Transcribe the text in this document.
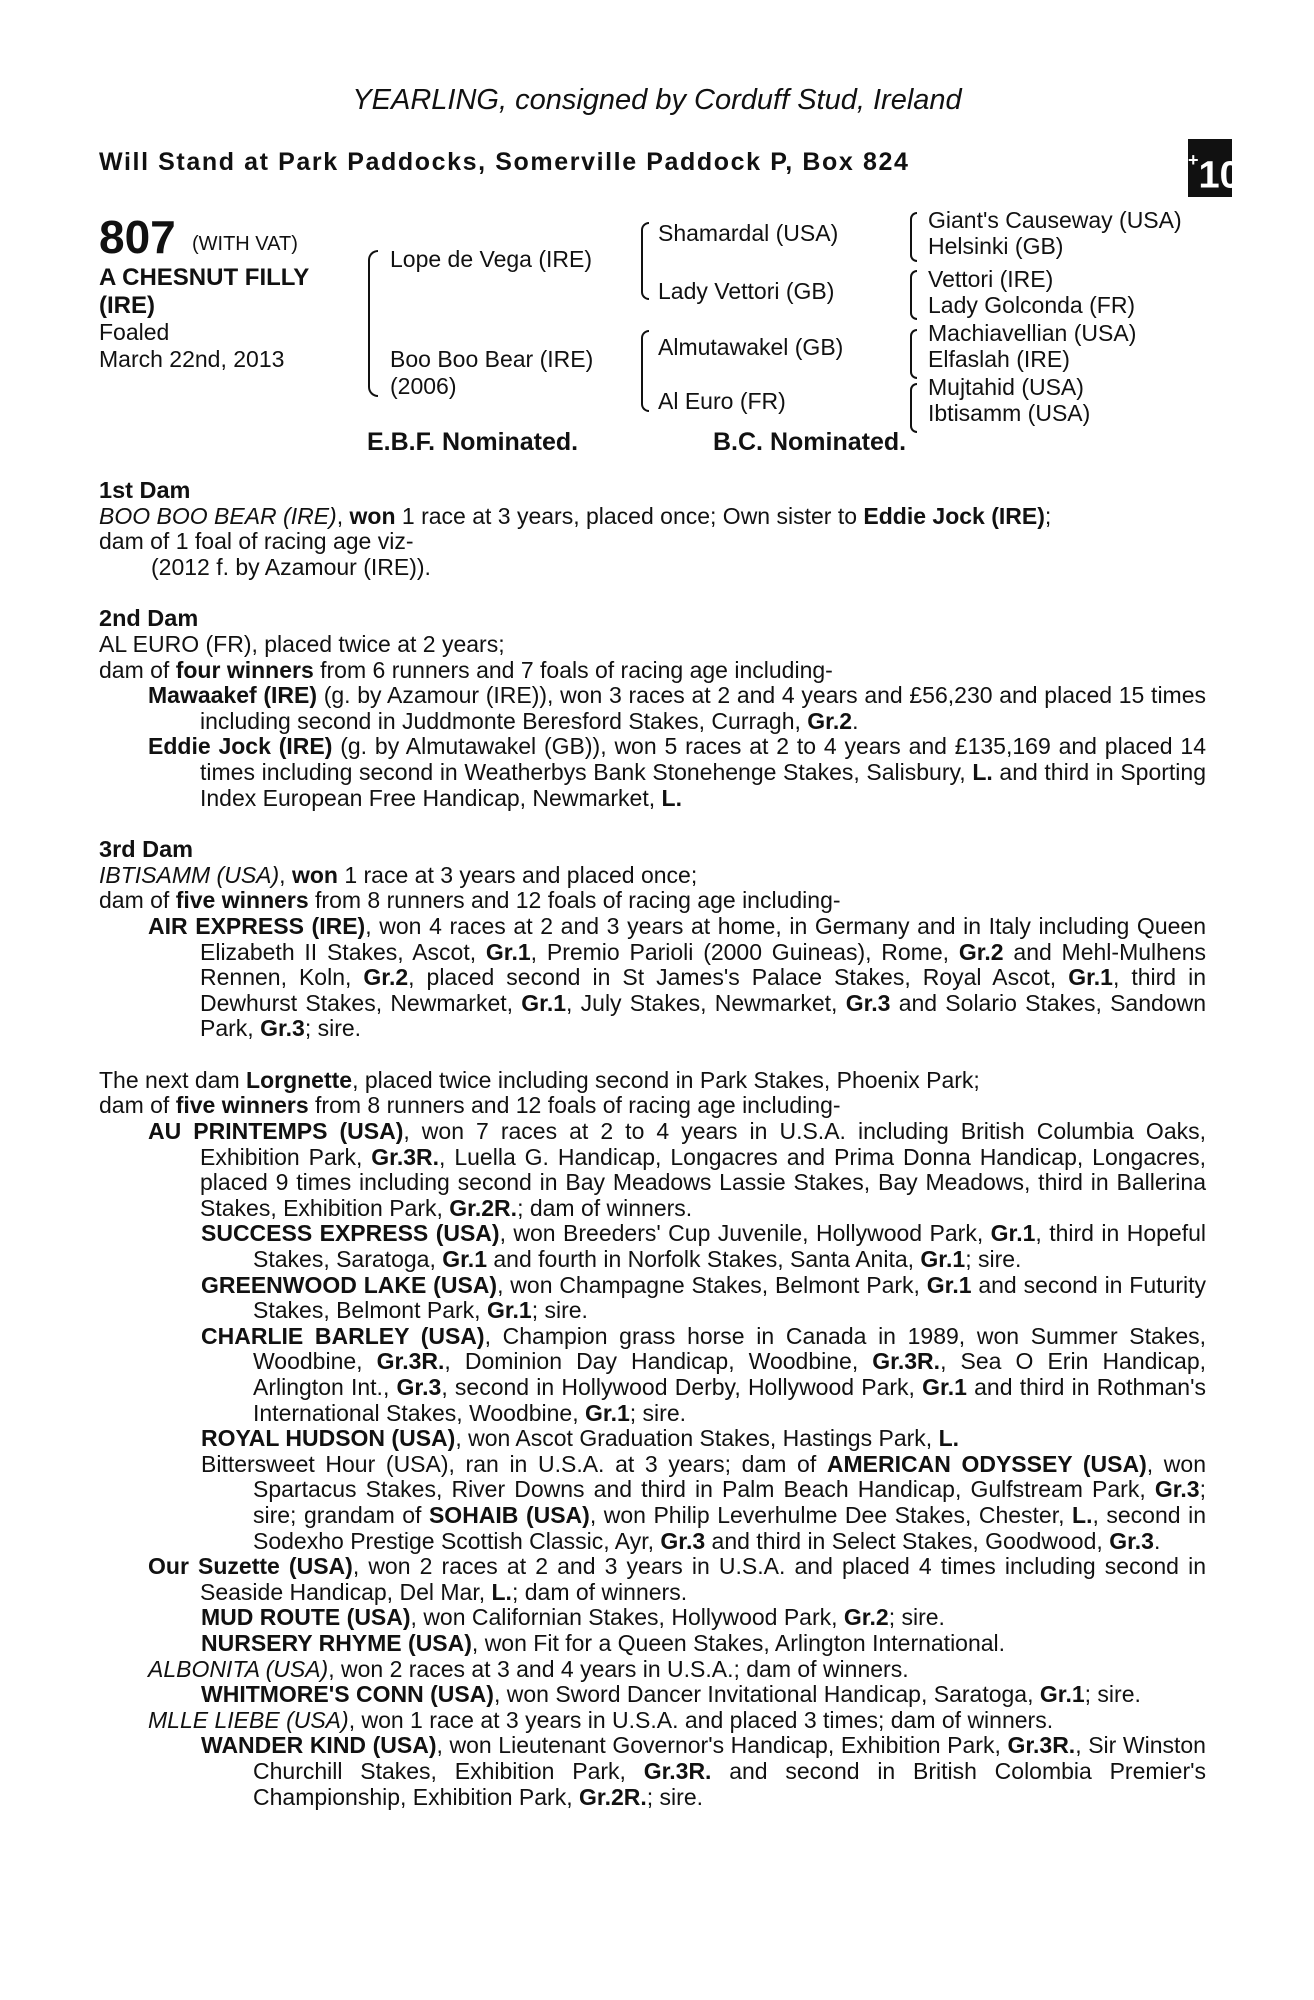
YEARLING, consigned by Corduff Stud, Ireland
Will Stand at Park Paddocks, Somerville Paddock P, Box 824	+10
807 (WITH VAT)
A CHESNUT FILLY
(IRE)
Foaled
March 22nd, 2013
Lope de Vega (IRE)
Boo Boo Bear (IRE)
(2006)
Shamardal (USA)
Lady Vettori (GB)
Almutawakel (GB)
Al Euro (FR)
Giant's Causeway (USA)
Helsinki (GB)
Vettori (IRE)
Lady Golconda (FR)
Machiavellian (USA)
Elfaslah (IRE)
Mujtahid (USA)
Ibtisamm (USA)
E.B.F. Nominated.	B.C. Nominated.

1st Dam

BOO BOO BEAR (IRE), won 1 race at 3 years, placed once; Own sister to Eddie Jock (IRE);

dam of 1 foal of racing age viz-

(2012 f. by Azamour (IRE)).

2nd Dam

AL EURO (FR), placed twice at 2 years;

dam of four winners from 6 runners and 7 foals of racing age including-

Mawaakef (IRE) (g. by Azamour (IRE)), won 3 races at 2 and 4 years and £56,230 and placed 15 times including second in Juddmonte Beresford Stakes, Curragh, Gr.2.

Eddie Jock (IRE) (g. by Almutawakel (GB)), won 5 races at 2 to 4 years and £135,169 and placed 14 times including second in Weatherbys Bank Stonehenge Stakes, Salisbury, L. and third in Sporting Index European Free Handicap, Newmarket, L.

3rd Dam

IBTISAMM (USA), won 1 race at 3 years and placed once;

dam of five winners from 8 runners and 12 foals of racing age including-

AIR EXPRESS (IRE), won 4 races at 2 and 3 years at home, in Germany and in Italy including Queen Elizabeth II Stakes, Ascot, Gr.1, Premio Parioli (2000 Guineas), Rome, Gr.2 and Mehl-Mulhens Rennen, Koln, Gr.2, placed second in St James's Palace Stakes, Royal Ascot, Gr.1, third in Dewhurst Stakes, Newmarket, Gr.1, July Stakes, Newmarket, Gr.3 and Solario Stakes, Sandown Park, Gr.3; sire.

The next dam Lorgnette, placed twice including second in Park Stakes, Phoenix Park;

dam of five winners from 8 runners and 12 foals of racing age including-

AU PRINTEMPS (USA), won 7 races at 2 to 4 years in U.S.A. including British Columbia Oaks, Exhibition Park, Gr.3R., Luella G. Handicap, Longacres and Prima Donna Handicap, Longacres, placed 9 times including second in Bay Meadows Lassie Stakes, Bay Meadows, third in Ballerina Stakes, Exhibition Park, Gr.2R.; dam of winners.

SUCCESS EXPRESS (USA), won Breeders' Cup Juvenile, Hollywood Park, Gr.1, third in Hopeful Stakes, Saratoga, Gr.1 and fourth in Norfolk Stakes, Santa Anita, Gr.1; sire.

GREENWOOD LAKE (USA), won Champagne Stakes, Belmont Park, Gr.1 and second in Futurity Stakes, Belmont Park, Gr.1; sire.

CHARLIE BARLEY (USA), Champion grass horse in Canada in 1989, won Summer Stakes, Woodbine, Gr.3R., Dominion Day Handicap, Woodbine, Gr.3R., Sea O Erin Handicap, Arlington Int., Gr.3, second in Hollywood Derby, Hollywood Park, Gr.1 and third in Rothman's International Stakes, Woodbine, Gr.1; sire.

ROYAL HUDSON (USA), won Ascot Graduation Stakes, Hastings Park, L.

Bittersweet Hour (USA), ran in U.S.A. at 3 years; dam of AMERICAN ODYSSEY (USA), won Spartacus Stakes, River Downs and third in Palm Beach Handicap, Gulfstream Park, Gr.3; sire; grandam of SOHAIB (USA), won Philip Leverhulme Dee Stakes, Chester, L., second in Sodexho Prestige Scottish Classic, Ayr, Gr.3 and third in Select Stakes, Goodwood, Gr.3.

Our Suzette (USA), won 2 races at 2 and 3 years in U.S.A. and placed 4 times including second in Seaside Handicap, Del Mar, L.; dam of winners.

MUD ROUTE (USA), won Californian Stakes, Hollywood Park, Gr.2; sire.

NURSERY RHYME (USA), won Fit for a Queen Stakes, Arlington International.

ALBONITA (USA), won 2 races at 3 and 4 years in U.S.A.; dam of winners.

WHITMORE'S CONN (USA), won Sword Dancer Invitational Handicap, Saratoga, Gr.1; sire.

MLLE LIEBE (USA), won 1 race at 3 years in U.S.A. and placed 3 times; dam of winners.

WANDER KIND (USA), won Lieutenant Governor's Handicap, Exhibition Park, Gr.3R., Sir Winston Churchill Stakes, Exhibition Park, Gr.3R. and second in British Colombia Premier's Championship, Exhibition Park, Gr.2R.; sire.
